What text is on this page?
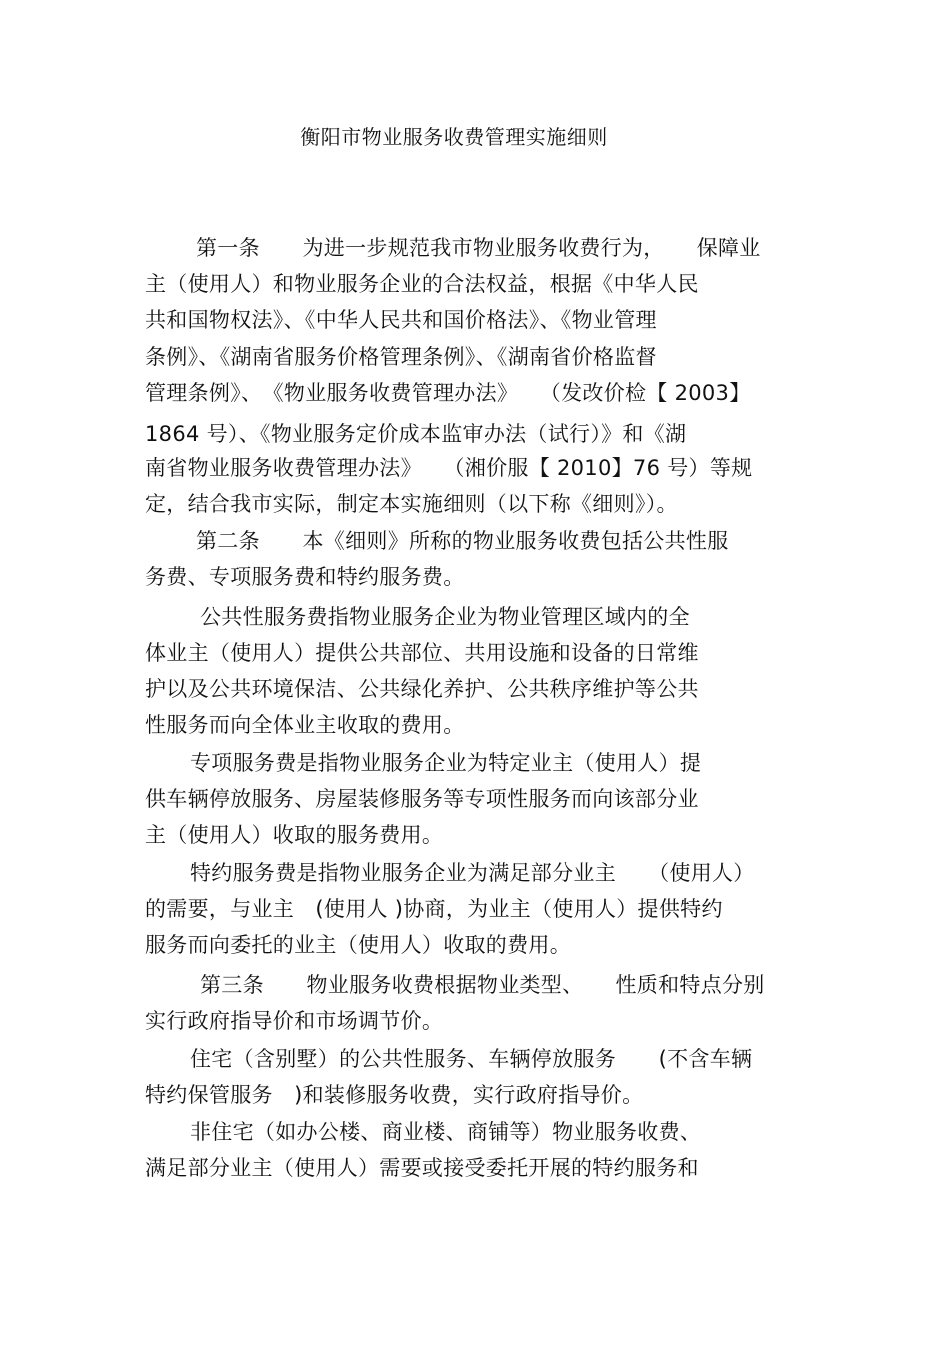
衡阳市物业服务收费管理实施细则
第一条　　为进一步规范我市物业服务收费行为，　　保障业
主（使用人）和物业服务企业的合法权益，根据《中华人民
共和国物权法》、《中华人民共和国价格法》、《物业管理
条例》、《湖南省服务价格管理条例》、《湖南省价格监督
管理条例》、　《物业服务收费管理办法》　　（发改价检【 2003】
1864 号）、《物业服务定价成本监审办法（试行）》和《湖
南省物业服务收费管理办法》　　（湘价服【 2010】76 号）等规
定，结合我市实际，制定本实施细则（以下称《细则》）。
第二条　　本《细则》所称的物业服务收费包括公共性服
务费、专项服务费和特约服务费。
公共性服务费指物业服务企业为物业管理区域内的全
体业主（使用人）提供公共部位、共用设施和设备的日常维
护以及公共环境保洁、公共绿化养护、公共秩序维护等公共
性服务而向全体业主收取的费用。
专项服务费是指物业服务企业为特定业主（使用人）提
供车辆停放服务、房屋装修服务等专项性服务而向该部分业
主（使用人）收取的服务费用。
特约服务费是指物业服务企业为满足部分业主　　（使用人）
的需要，与业主　(使用人 )协商，为业主（使用人）提供特约
服务而向委托的业主（使用人）收取的费用。
第三条　　物业服务收费根据物业类型、　　性质和特点分别
实行政府指导价和市场调节价。
住宅（含别墅）的公共性服务、车辆停放服务　　(不含车辆
特约保管服务　)和装修服务收费，实行政府指导价。
非住宅（如办公楼、商业楼、商铺等）物业服务收费、
满足部分业主（使用人）需要或接受委托开展的特约服务和
